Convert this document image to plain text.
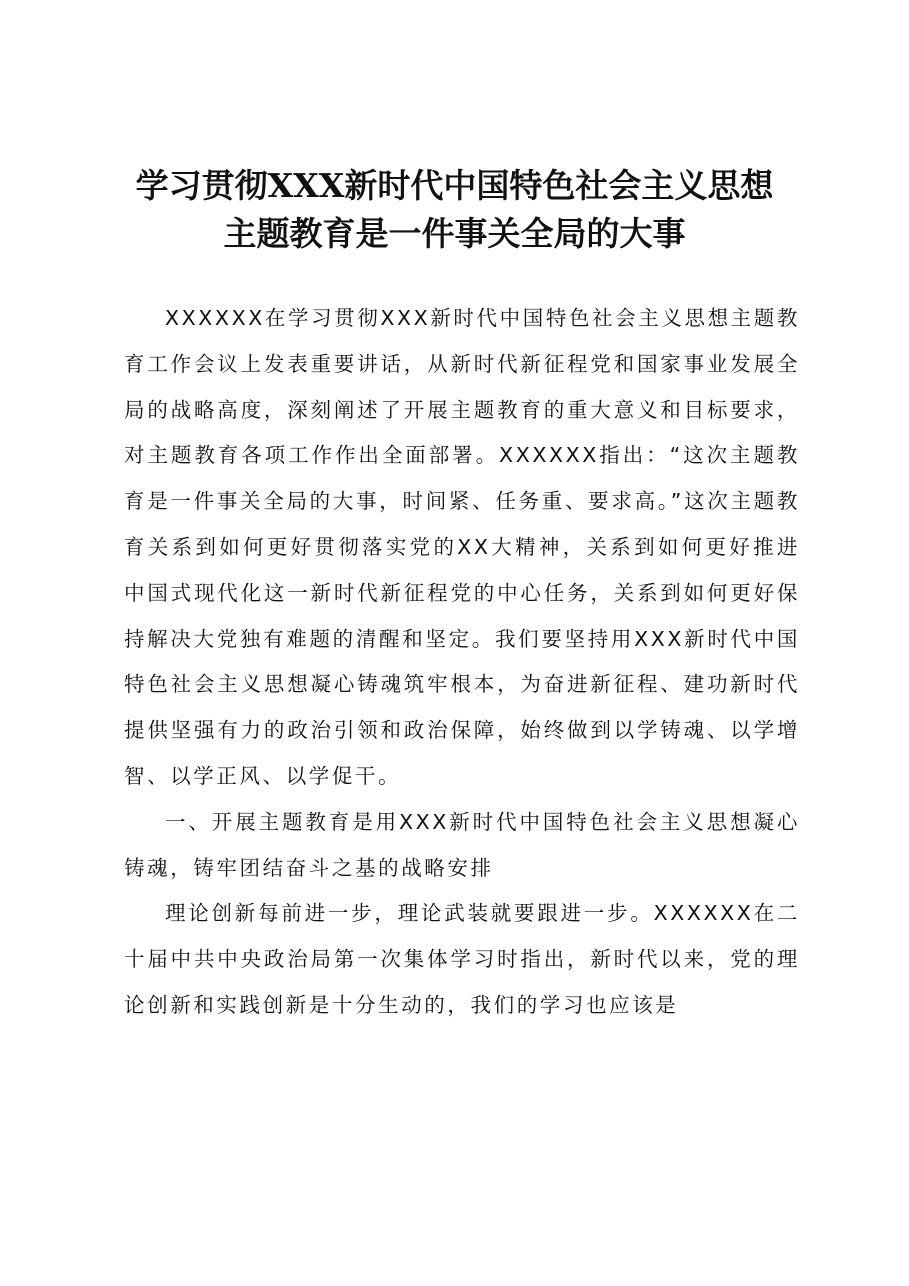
学习贯彻XXX新时代中国特色社会主义思想
主题教育是一件事关全局的大事

XXXXXX在学习贯彻XXX新时代中国特色社会主义思想主题教育工作会议上发表重要讲话，从新时代新征程党和国家事业发展全局的战略高度，深刻阐述了开展主题教育的重大意义和目标要求，对主题教育各项工作作出全面部署。XXXXXX指出：“这次主题教育是一件事关全局的大事，时间紧、任务重、要求高。”这次主题教育关系到如何更好贯彻落实党的XX大精神，关系到如何更好推进中国式现代化这一新时代新征程党的中心任务，关系到如何更好保持解决大党独有难题的清醒和坚定。我们要坚持用XXX新时代中国特色社会主义思想凝心铸魂筑牢根本，为奋进新征程、建功新时代提供坚强有力的政治引领和政治保障，始终做到以学铸魂、以学增智、以学正风、以学促干。

一、开展主题教育是用XXX新时代中国特色社会主义思想凝心铸魂，铸牢团结奋斗之基的战略安排

理论创新每前进一步，理论武装就要跟进一步。XXXXXX在二十届中共中央政治局第一次集体学习时指出，新时代以来，党的理论创新和实践创新是十分生动的，我们的学习也应该是
